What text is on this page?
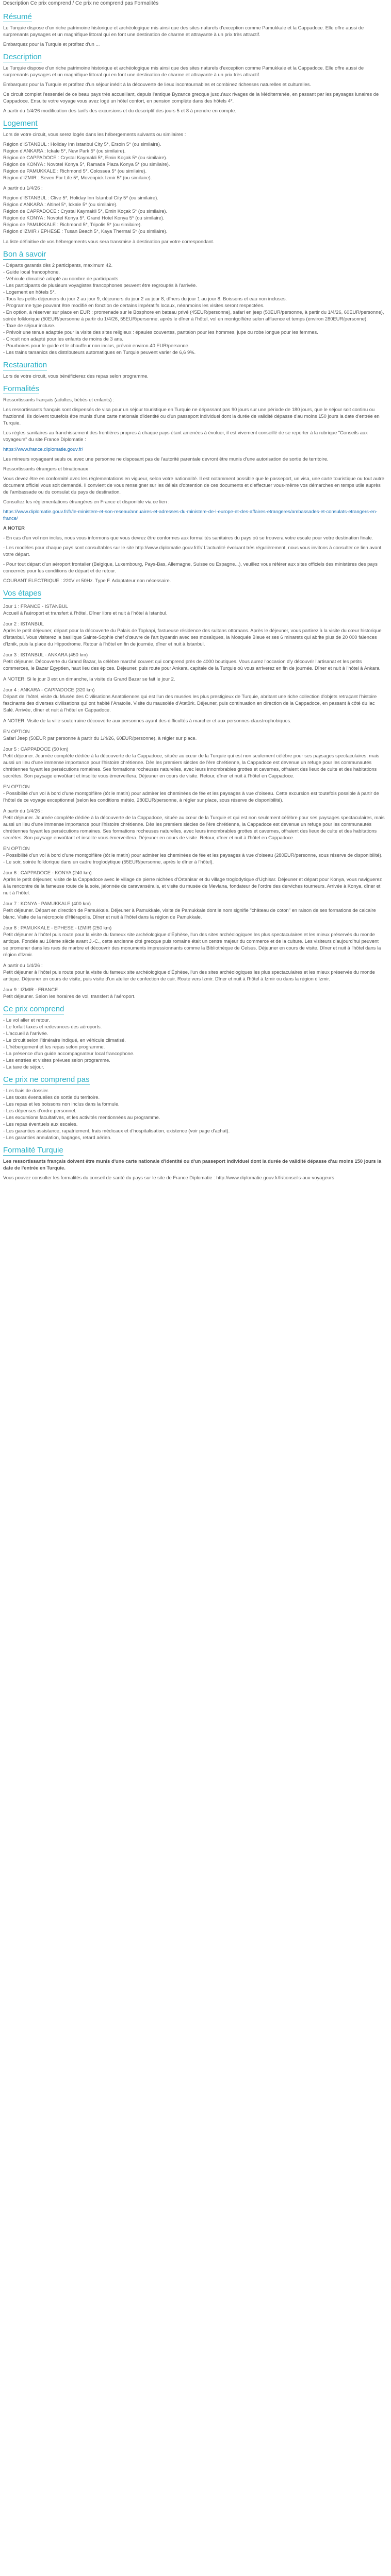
Description Ce prix comprend / Ce prix ne comprend pas Formalités
Résumé

Le Turquie dispose d'un riche patrimoine historique et archéologique mis ainsi que des sites naturels d'exception comme Pamukkale et la Cappadoce. Elle offre aussi de surprenants paysages et un magnifique littoral qui en font une destination de charme et attrayante à un prix très attractif.

Embarquez pour la Turquie et profitez d'un ...

Description

Le Turquie dispose d'un riche patrimoine historique et archéologique mis ainsi que des sites naturels d'exception comme Pamukkale et la Cappadoce. Elle offre aussi de surprenants paysages et un magnifique littoral qui en font une destination de charme et attrayante à un prix très attractif.

Embarquez pour la Turquie et profitez d'un séjour inédit à la découverte de lieux incontournables et combinez richesses naturelles et culturelles.

Ce circuit complet l'essentiel de ce beau pays très accueillant, depuis l'antique Byzance grecque jusqu'aux rivages de la Méditerranée, en passant par les paysages lunaires de Cappadoce. Ensuite votre voyage vous avez logé un hôtel confort, en pension complète dans des hôtels 4*.

A partir du 1/4/26 modification des tarifs des excursions et du descriptif des jours 5 et 8 à prendre en compte.

Logement

Lors de votre circuit, vous serez logés dans les hébergements suivants ou similaires :

Région d'ISTANBUL : Holiday Inn Istanbul City 5*, Ersoin 5* (ou similaire).

Région d'ANKARA : Ickale 5*, New Park 5* (ou similaire).

Région de CAPPADOCE : Crystal Kaymakli 5*, Emin Koçak 5* (ou similaire).

Région de KONYA : Novotel Konya 5*, Ramada Plaza Konya 5* (ou similaire).

Région de PAMUKKALE : Richmond 5*, Colossea 5* (ou similaire).

Région d'IZMIR : Seven For Life 5*, Movenpick Izmir 5* (ou similaire).

A partir du 1/4/26 :

Région d'ISTANBUL : Clive 5*, Holiday Inn Istanbul City 5* (ou similaire).

Région d'ANKARA : Altinel 5*, Ickale 5* (ou similaire).

Région de CAPPADOCE : Crystal Kaymakli 5*, Emin Koçak 5* (ou similaire).

Région de KONYA : Novotel Konya 5*, Grand Hotel Konya 5* (ou similaire).

Région de PAMUKKALE : Richmond 5*, Tripolis 5* (ou similaire).

Région d'IZMIR / EPHESE : Tusan Beach 5*, Kaya Thermal 5* (ou similaire).

La liste définitive de vos hébergements vous sera transmise à destination par votre correspondant.

Bon à savoir
- Départs garantis dès 2 participants, maximum 42.
- Guide local francophone.
- Véhicule climatisé adapté au nombre de participants.
- Les participants de plusieurs voyagistes francophones peuvent être regroupés à l'arrivée.
- Logement en hôtels 5*.
- Tous les petits déjeuners du jour 2 au jour 9, déjeuners du jour 2 au jour 8, dîners du jour 1 au jour 8. Boissons et eau non incluses.
- Programme type pouvant être modifié en fonction de certains impératifs locaux, néanmoins les visites seront respectées.
- En option, à réserver sur place en EUR : promenade sur le Bosphore en bateau privé (45EUR/personne), safari en jeep (50EUR/personne, à partir du 1/4/26, 60EUR/personne), soirée folklorique (50EUR/personne à partir du 1/4/26, 55EUR/personne, après le dîner à l'hôtel, vol en montgolfière selon affluence et temps (environ 280EUR/personne).
- Taxe de séjour incluse.
- Prévoir une tenue adaptée pour la visite des sites religieux : épaules couvertes, pantalon pour les hommes, jupe ou robe longue pour les femmes.
- Circuit non adapté pour les enfants de moins de 3 ans.
- Pourboires pour le guide et le chauffeur non inclus, prévoir environ 40 EUR/personne.
- Les trains tarsanics des distributeurs automatiques en Turquie peuvent varier de 6,6 9%.
Restauration

Lors de votre circuit, vous bénéficierez des repas selon programme.

Formalités

Ressortissants français (adultes, bébés et enfants) :

Les ressortissants français sont dispensés de visa pour un séjour touristique en Turquie ne dépassant pas 90 jours sur une période de 180 jours, que le séjour soit continu ou fractionné. Ils doivent toutefois être munis d'une carte nationale d'identité ou d'un passeport individuel dont la durée de validité dépasse d'au moins 150 jours la date d'entrée en Turquie.

Les règles sanitaires au franchissement des frontières propres à chaque pays étant amenées à évoluer, il est vivement conseillé de se reporter à la rubrique "Conseils aux voyageurs" du site France Diplomatie :

https://www.france.diplomatie.gouv.fr/

Les mineurs voyageant seuls ou avec une personne ne disposant pas de l'autorité parentale devront être munis d'une autorisation de sortie de territoire.

Ressortissants étrangers et binationaux :

Vous devez être en conformité avec les réglementations en vigueur, selon votre nationalité. Il est notamment possible que le passeport, un visa, une carte touristique ou tout autre document officiel vous soit demandé. Il convient de vous renseigner sur les délais d'obtention de ces documents et d'effectuer vous-même vos démarches en temps utile auprès de l'ambassade ou du consulat du pays de destination.

Consultez les réglementations étrangères en France et disponible via ce lien :

https://www.diplomatie.gouv.fr/fr/le-ministere-et-son-reseau/annuaires-et-adresses-du-ministere-de-l-europe-et-des-affaires-etrangeres/ambassades-et-consulats-etrangers-en-france/

A NOTER

- En cas d'un vol non inclus, nous vous informons que vous devrez être conformes aux formalités sanitaires du pays où se trouvera votre escale pour votre destination finale.

- Les modèles pour chaque pays sont consultables sur le site http://www.diplomatie.gouv.fr/fr/ L'actualité évoluant très régulièrement, nous vous invitons à consulter ce lien avant votre départ.

- Pour tout départ d'un aéroport frontalier (Belgique, Luxembourg, Pays-Bas, Allemagne, Suisse ou Espagne...), veuillez vous référer aux sites officiels des ministères des pays concernés pour les conditions de départ et de retour.

COURANT ELECTRIQUE : 220V et 50Hz. Type F. Adaptateur non nécessaire.

Vos étapes

Jour 1 : FRANCE - ISTANBUL

Accueil à l'aéroport et transfert à l'hôtel. Dîner libre et nuit à l'hôtel à Istanbul.

Jour 2 : ISTANBUL

Après le petit déjeuner, départ pour la découverte du Palais de Topkapi, fastueuse résidence des sultans ottomans. Après le déjeuner, vous partirez à la visite du cœur historique d'Istanbul. Vous visiterez la basilique Sainte-Sophie chef d'œuvre de l'art byzantin avec ses mosaïques, la Mosquée Bleue et ses 6 minarets qui abrite plus de 20 000 faïences d'Iznik, puis la place du Hippodrome. Retour à l'hôtel en fin de journée, dîner et nuit à Istanbul.

Jour 3 : ISTANBUL - ANKARA (450 km)

Petit déjeuner. Découverte du Grand Bazar, la célèbre marché couvert qui comprend près de 4000 boutiques. Vous aurez l'occasion d'y découvrir l'artisanat et les petits commerces, le Bazar Egyptien, haut lieu des épices. Déjeuner, puis route pour Ankara, capitale de la Turquie où vous arriverez en fin de journée. Dîner et nuit à l'hôtel à Ankara.

A NOTER: Si le jour 3 est un dimanche, la visite du Grand Bazar se fait le jour 2.

Jour 4 : ANKARA - CAPPADOCE (320 km)

Départ de l'hôtel, visite du Musée des Civilisations Anatoliennes qui est l'un des musées les plus prestigieux de Turquie, abritant une riche collection d'objets retraçant l'histoire fascinante des diverses civilisations qui ont habité l'Anatolie. Visite du mausolée d'Atatürk. Déjeuner, puis continuation en direction de la Cappadoce, en passant à côté du lac Salé. Arrivée, dîner et nuit à l'hôtel en Cappadoce.

A NOTER: Visite de la ville souterraine découverte aux personnes ayant des difficultés à marcher et aux personnes claustrophobiques.

EN OPTION

Safari Jeep (50EUR par personne à partir du 1/4/26, 60EUR/personne), à régler sur place.

Jour 5 : CAPPADOCE (50 km)

Petit déjeuner. Journée complète dédiée à la découverte de la Cappadoce, située au cœur de la Turquie qui est non seulement célèbre pour ses paysages spectaculaires, mais aussi un lieu d'une immense importance pour l'histoire chrétienne. Dès les premiers siècles de l'ère chrétienne, la Cappadoce est devenue un refuge pour les communautés chrétiennes fuyant les persécutions romaines. Ses formations rocheuses naturelles, avec leurs innombrables grottes et cavernes, offraient des lieux de culte et des habitations secrètes. Son paysage envoûtant et insolite vous émerveillera. Déjeuner en cours de visite. Retour, dîner et nuit à l'hôtel en Cappadoce.

EN OPTION

- Possibilité d'un vol à bord d'une montgolfière (tôt le matin) pour admirer les cheminées de fée et les paysages à vue d'oiseau. Cette excursion est toutefois possible à partir de l'hôtel de ce voyage exceptionnel (selon les conditions météo, 280EUR/personne, à régler sur place, sous réserve de disponibilité).

A partir du 1/4/26 :

Petit déjeuner. Journée complète dédiée à la découverte de la Cappadoce, située au cœur de la Turquie et qui est non seulement célèbre pour ses paysages spectaculaires, mais aussi un lieu d'une immense importance pour l'histoire chrétienne. Dès les premiers siècles de l'ère chrétienne, la Cappadoce est devenue un refuge pour les communautés chrétiennes fuyant les persécutions romaines. Ses formations rocheuses naturelles, avec leurs innombrables grottes et cavernes, offraient des lieux de culte et des habitations secrètes. Son paysage envoûtant et insolite vous émerveillera. Déjeuner en cours de visite. Retour, dîner et nuit à l'hôtel en Cappadoce.

EN OPTION

- Possibilité d'un vol à bord d'une montgolfière (tôt le matin) pour admirer les cheminées de fée et les paysages à vue d'oiseau (280EUR/personne, sous réserve de disponibilité). - Le soir, soirée folklorique dans un cadre troglodytique (55EUR/personne, après le dîner à l'hôtel).

Jour 6 : CAPPADOCE - KONYA (240 km)

Après le petit déjeuner, visite de la Cappadoce avec le village de pierre nichées d'Ortahisar et du village troglodytique d'Uçhisar. Déjeuner et départ pour Konya, vous naviguerez à la rencontre de la fameuse route de la soie, jalonnée de caravansérails, et visite du musée de Mevlana, fondateur de l'ordre des derviches tourneurs. Arrivée à Konya, dîner et nuit à l'hôtel.

Jour 7 : KONYA - PAMUKKALE (400 km)

Petit déjeuner. Départ en direction de Pamukkale. Déjeuner à Pamukkale, visite de Pamukkale dont le nom signifie "château de coton" en raison de ses formations de calcaire blanc. Visite de la nécropole d'Hiérapolis. Dîner et nuit à l'hôtel dans la région de Pamukkale.

Jour 8 : PAMUKKALE - EPHESE - IZMIR (250 km)

Petit déjeuner à l'hôtel puis route pour la visite du fameux site archéologique d'Éphèse, l'un des sites archéologiques les plus spectaculaires et les mieux préservés du monde antique. Fondée au 10ème siècle avant J.-C., cette ancienne cité grecque puis romaine était un centre majeur du commerce et de la culture. Les visiteurs d'aujourd'hui peuvent se promener dans les rues de marbre et découvrir des monuments impressionnants comme la Bibliothèque de Celsus. Déjeuner en cours de visite. Dîner et nuit à l'hôtel dans la région d'Izmir.

A partir du 1/4/26 :

Petit déjeuner à l'hôtel puis route pour la visite du fameux site archéologique d'Éphèse, l'un des sites archéologiques les plus spectaculaires et les mieux préservés du monde antique. Déjeuner en cours de visite, puis visite d'un atelier de confection de cuir. Route vers Izmir. Dîner et nuit à l'hôtel à Izmir ou dans la région d'Izmir.

Jour 9 : IZMIR - FRANCE

Petit déjeuner. Selon les horaires de vol, transfert à l'aéroport.

Ce prix comprend
- Le vol aller et retour.
- Le forfait taxes et redevances des aéroports.
- L'accueil à l'arrivée.
- Le circuit selon l'itinéraire indiqué, en véhicule climatisé.
- L'hébergement et les repas selon programme.
- La présence d'un guide accompagnateur local francophone.
- Les entrées et visites prévues selon programme.
- La taxe de séjour.
Ce prix ne comprend pas
- Les frais de dossier.
- Les taxes éventuelles de sortie du territoire.
- Les repas et les boissons non inclus dans la formule.
- Les dépenses d'ordre personnel.
- Les excursions facultatives, et les activités mentionnées au programme.
- Les repas éventuels aux escales.
- Les garanties assistance, rapatriement, frais médicaux et d'hospitalisation, existence (voir page d'achat).
- Les garanties annulation, bagages, retard aérien.
Formalité Turquie

Les ressortissants français doivent être munis d'une carte nationale d'identité ou d'un passeport individuel dont la durée de validité dépasse d'au moins 150 jours la date de l'entrée en Turquie.

Vous pouvez consulter les formalités du conseil de santé du pays sur le site de France Diplomatie : http://www.diplomatie.gouv.fr/fr/conseils-aux-voyageurs
